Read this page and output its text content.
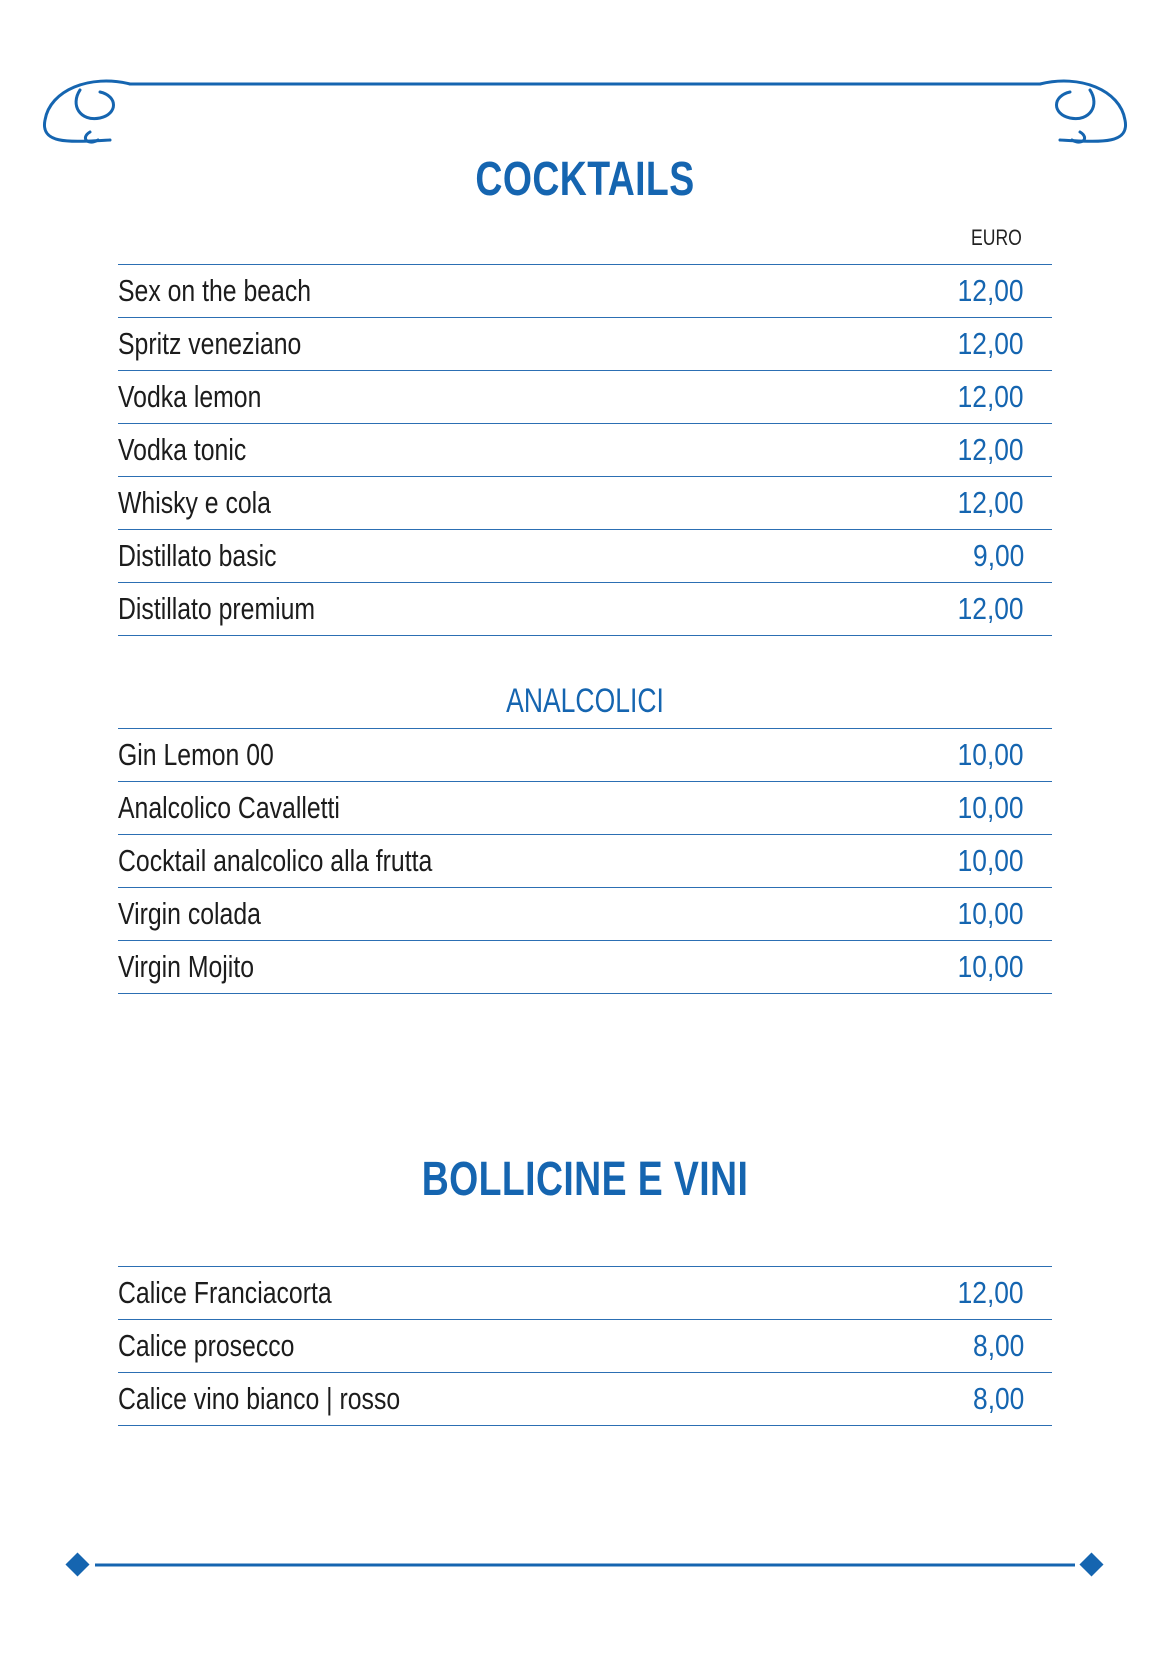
COCKTAILS
EURO
Sex on the beach	12,00
Spritz veneziano	12,00
Vodka lemon	12,00
Vodka tonic	12,00
Whisky e cola	12,00
Distillato basic	9,00
Distillato premium	12,00
ANALCOLICI
Gin Lemon 00	10,00
Analcolico Cavalletti	10,00
Cocktail analcolico alla frutta	10,00
Virgin colada	10,00
Virgin Mojito	10,00
BOLLICINE E VINI
Calice Franciacorta	12,00
Calice prosecco	8,00
Calice vino bianco | rosso	8,00
